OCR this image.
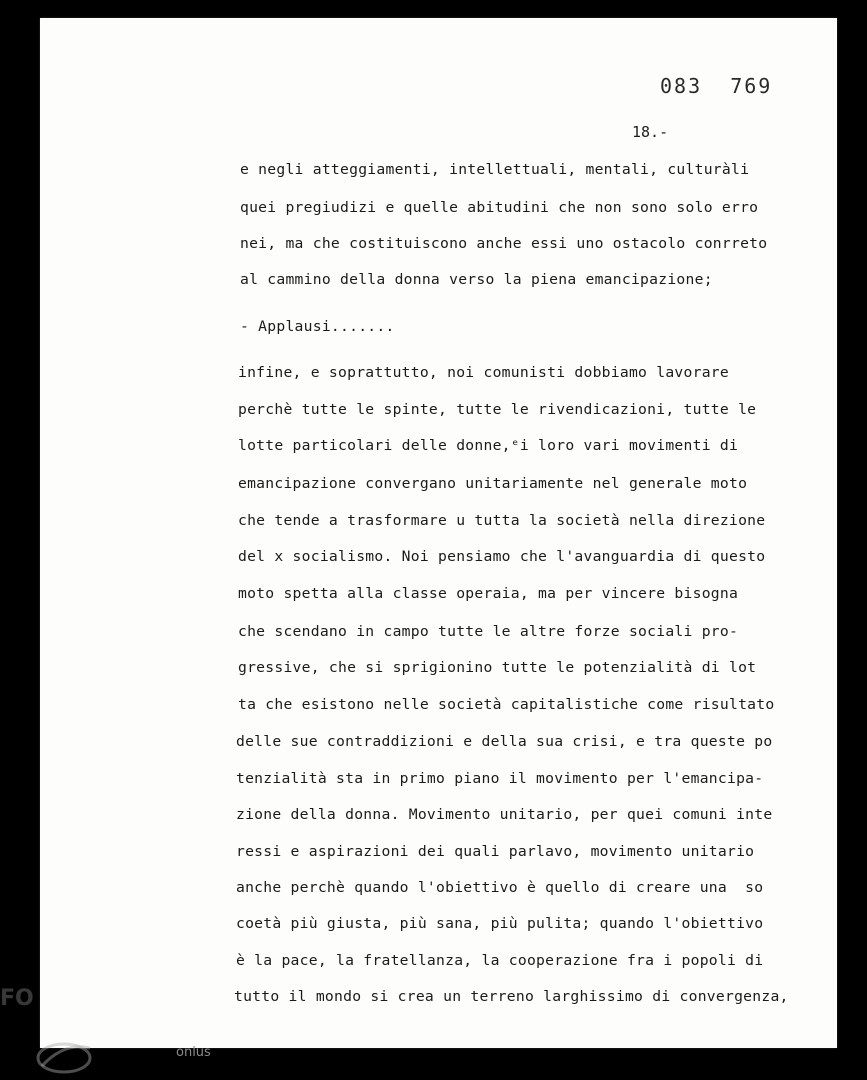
083  769
18.-
e negli atteggiamenti, intellettuali, mentali, culturàli
quei pregiudizi e quelle abitudini che non sono solo erro
nei, ma che costituiscono anche essi uno ostacolo conrreto
al cammino della donna verso la piena emancipazione;
- Applausi.......
infine, e soprattutto, noi comunisti dobbiamo lavorare
perchè tutte le spinte, tutte le rivendicazioni, tutte le
lotte particolari delle donne,ᵉi loro vari movimenti di
emancipazione convergano unitariamente nel generale moto
che tende a trasformare u tutta la società nella direzione
del x socialismo. Noi pensiamo che l'avanguardia di questo
moto spetta alla classe operaia, ma per vincere bisogna
che scendano in campo tutte le altre forze sociali pro-
gressive, che si sprigionino tutte le potenzialità di lot
ta che esistono nelle società capitalistiche come risultato
delle sue contraddizioni e della sua crisi, e tra queste po
tenzialità sta in primo piano il movimento per l'emancipa-
zione della donna. Movimento unitario, per quei comuni inte
ressi e aspirazioni dei quali parlavo, movimento unitario
anche perchè quando l'obiettivo è quello di creare una  so
coetà più giusta, più sana, più pulita; quando l'obiettivo
è la pace, la fratellanza, la cooperazione fra i popoli di
tutto il mondo si crea un terreno larghissimo di convergenza,
FO
onlus
